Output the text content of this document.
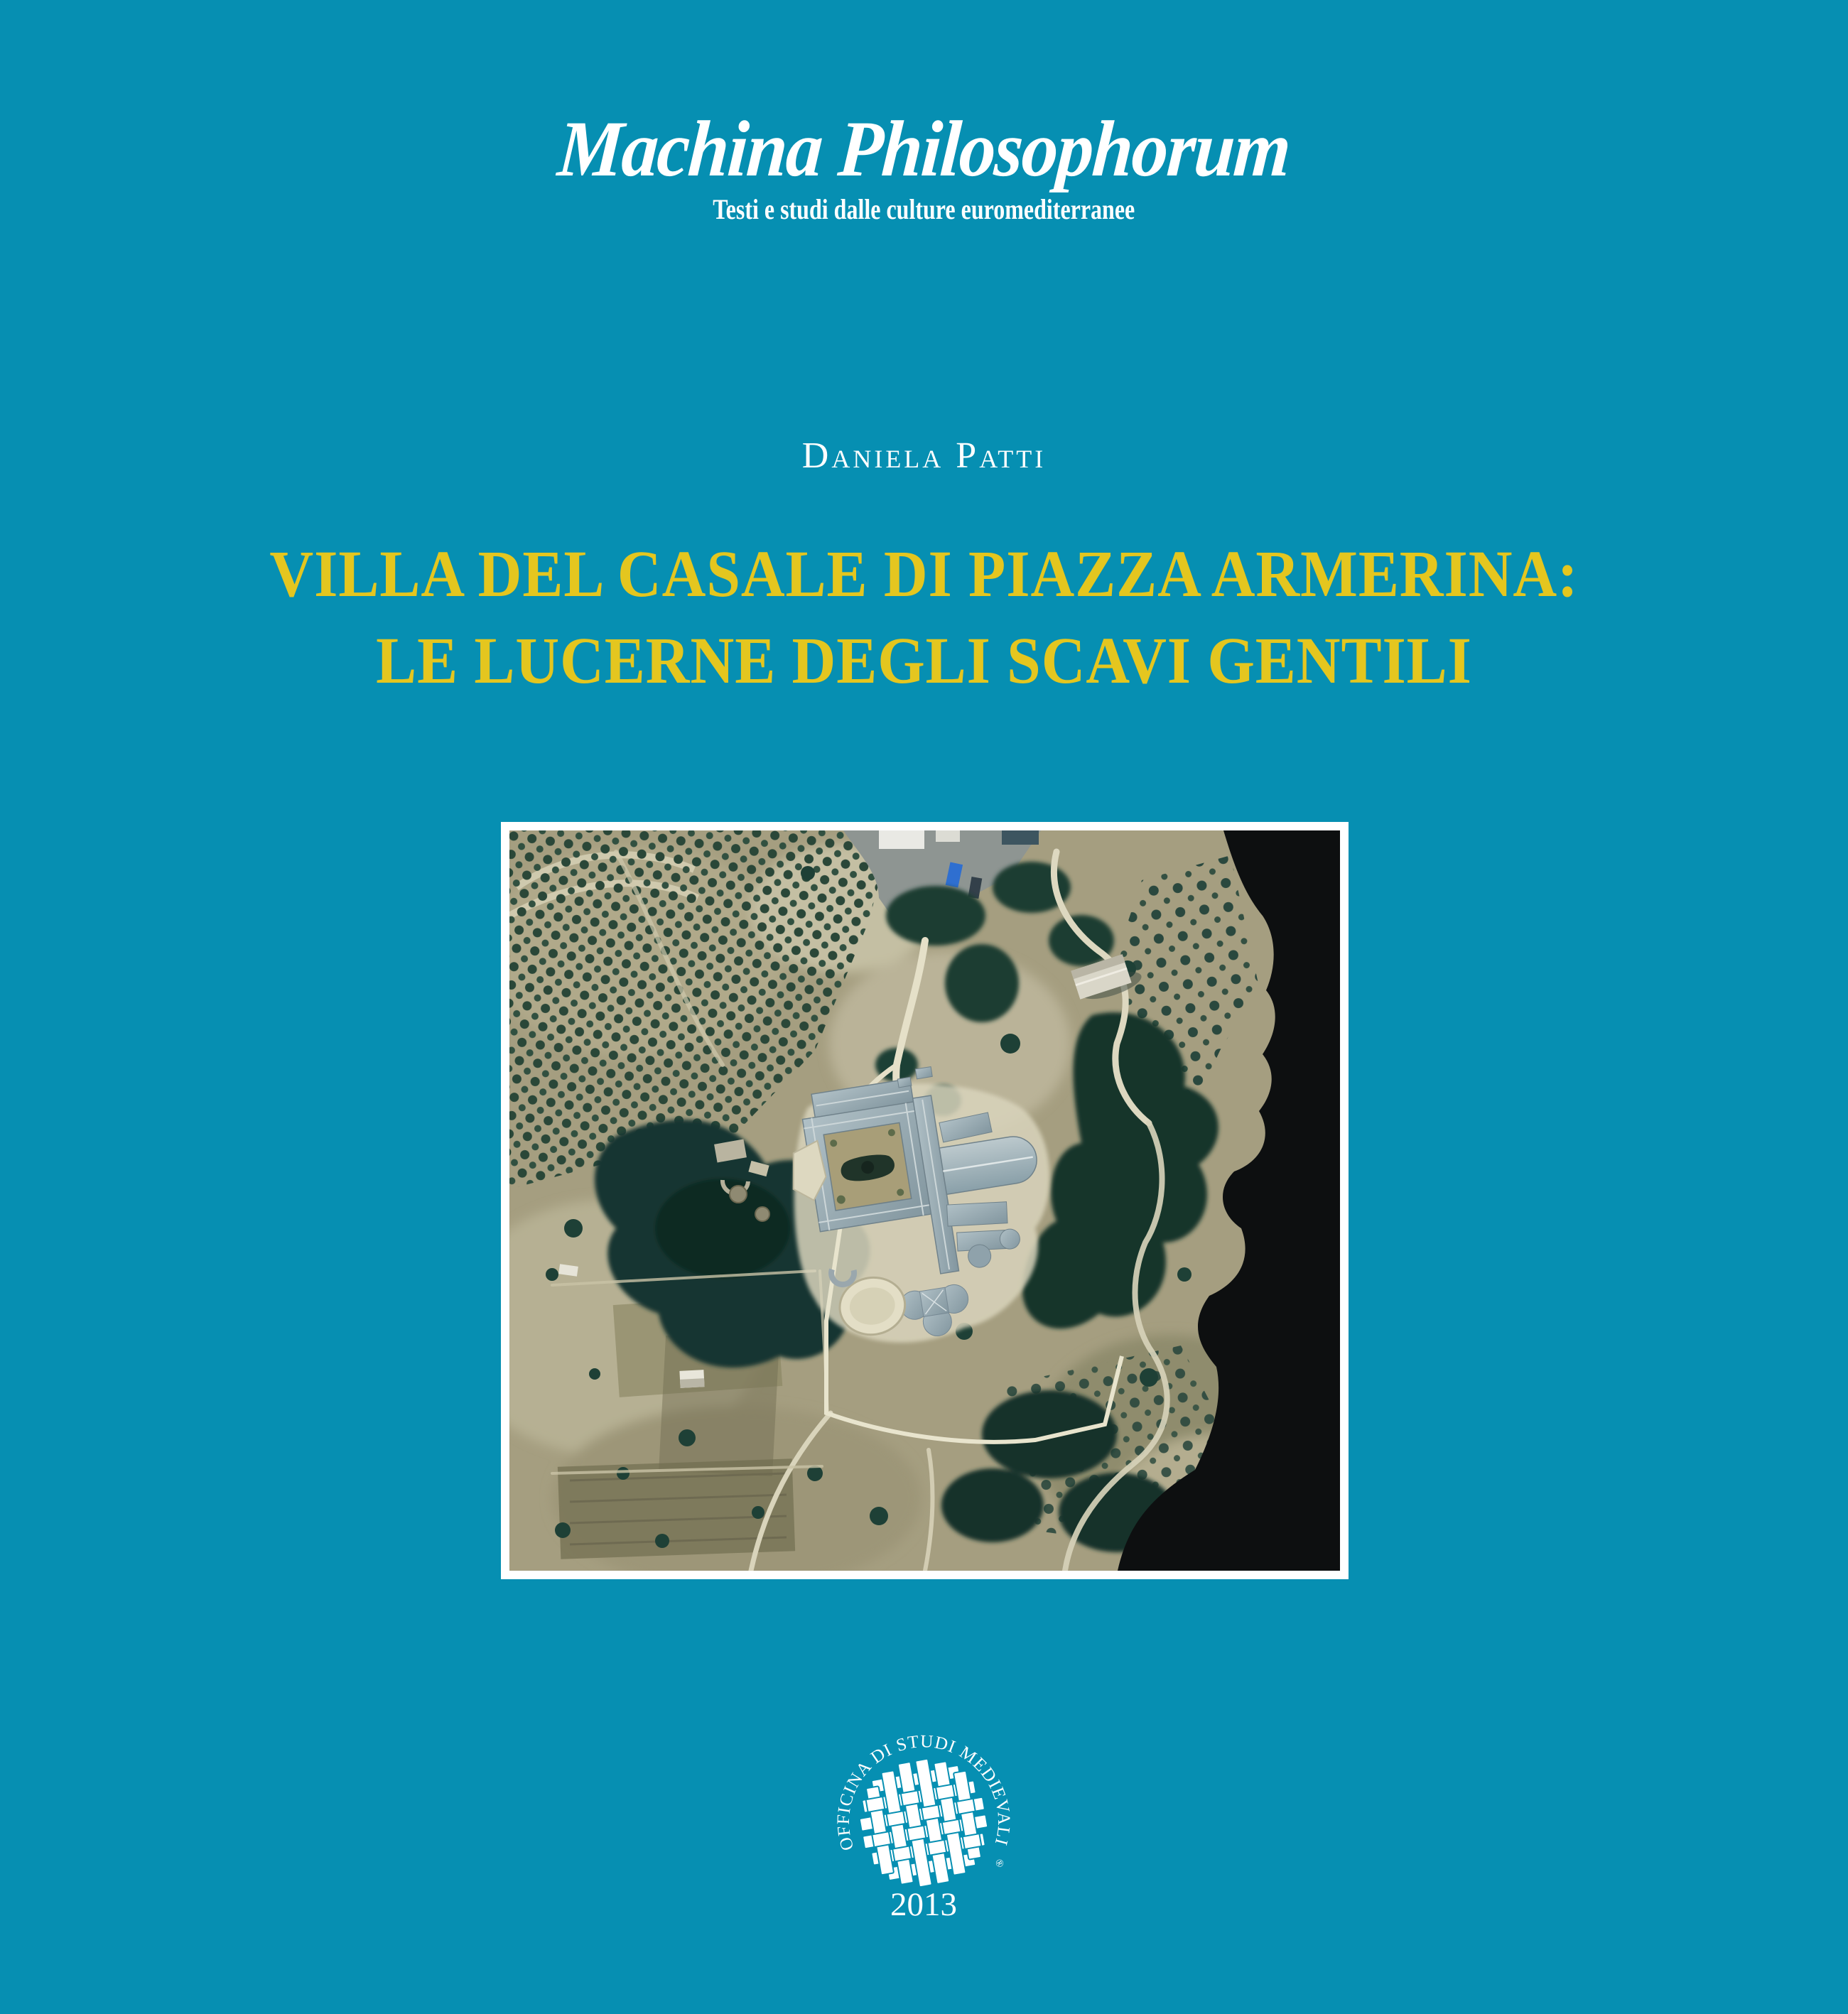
Machina Philosophorum
Testi e studi dalle culture euromediterranee
Daniela Patti
VILLA DEL CASALE DI PIAZZA ARMERINA:
LE LUCERNE DEGLI SCAVI GENTILI
OFFICINA DI STUDI MEDIEVALI
®
2013
